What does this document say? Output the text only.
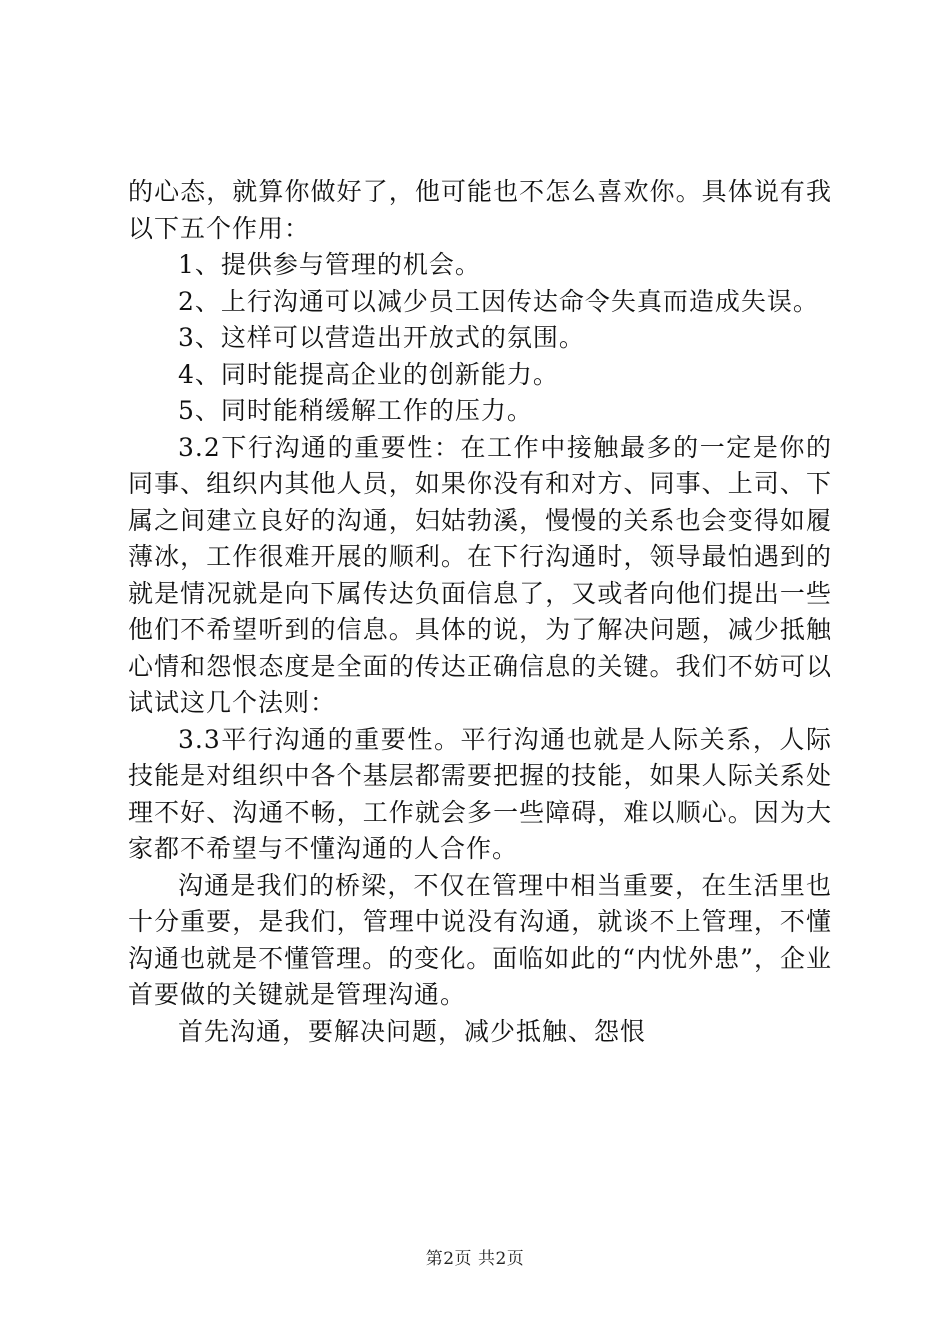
的心态，就算你做好了，他可能也不怎么喜欢你。具体说有我以下五个作用：

1、提供参与管理的机会。

2、上行沟通可以减少员工因传达命令失真而造成失误。

3、这样可以营造出开放式的氛围。

4、同时能提高企业的创新能力。

5、同时能稍缓解工作的压力。

3.2下行沟通的重要性：在工作中接触最多的一定是你的同事、组织内其他人员，如果你没有和对方、同事、上司、下属之间建立良好的沟通，妇姑勃溪，慢慢的关系也会变得如履薄冰，工作很难开展的顺利。在下行沟通时，领导最怕遇到的就是情况就是向下属传达负面信息了，又或者向他们提出一些他们不希望听到的信息。具体的说，为了解决问题，减少抵触心情和怨恨态度是全面的传达正确信息的关键。我们不妨可以试试这几个法则：

3.3平行沟通的重要性。平行沟通也就是人际关系，人际技能是对组织中各个基层都需要把握的技能，如果人际关系处理不好、沟通不畅，工作就会多一些障碍，难以顺心。因为大家都不希望与不懂沟通的人合作。

沟通是我们的桥梁，不仅在管理中相当重要，在生活里也十分重要，是我们，管理中说没有沟通，就谈不上管理，不懂沟通也就是不懂管理。的变化。面临如此的“内忧外患”，企业首要做的关键就是管理沟通。

首先沟通，要解决问题，减少抵触、怨恨

第2页 共2页
